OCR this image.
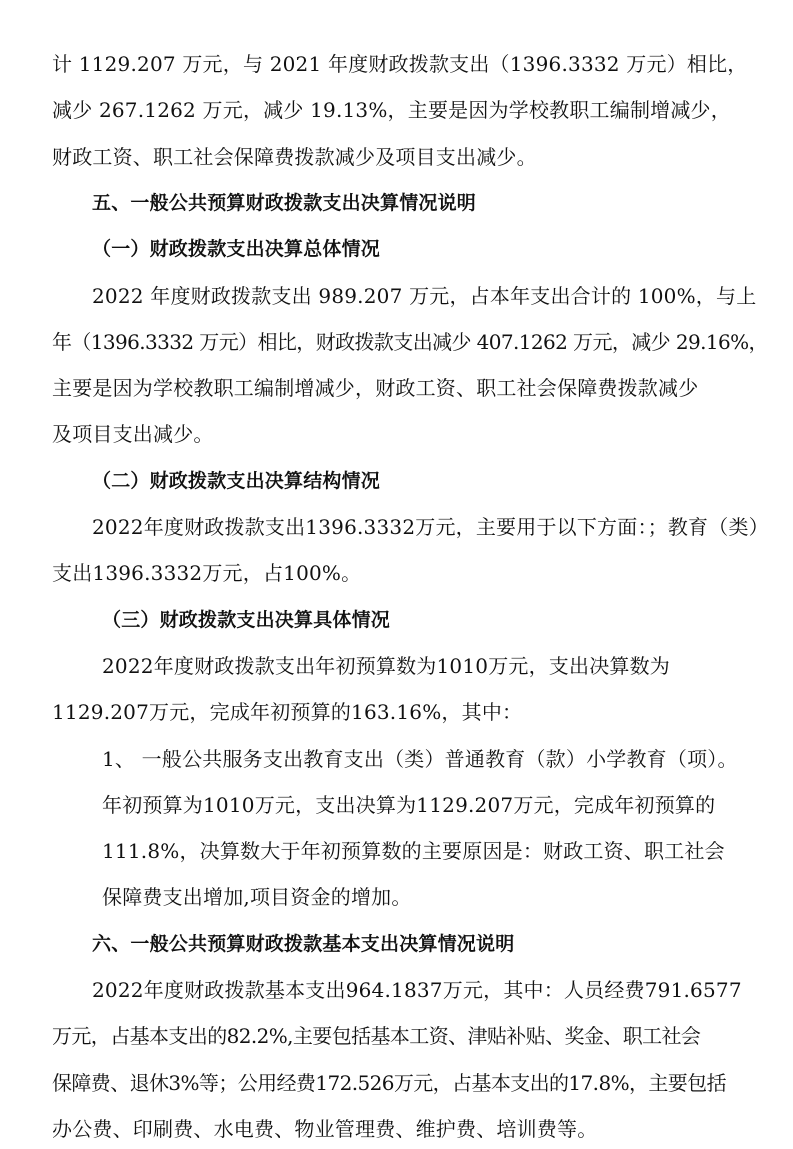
计 1129.207 万元，与 2021 年度财政拨款支出（1396.3332 万元）相比，
减少 267.1262 万元，减少 19.13%，主要是因为学校教职工编制增减少，
财政工资、职工社会保障费拨款减少及项目支出减少。
五、一般公共预算财政拨款支出决算情况说明
（一）财政拨款支出决算总体情况
2022 年度财政拨款支出 989.207 万元，占本年支出合计的 100%，与上
年（1396.3332 万元）相比，财政拨款支出减少 407.1262 万元，减少 29.16%，
主要是因为学校教职工编制增减少，财政工资、职工社会保障费拨款减少
及项目支出减少。
（二）财政拨款支出决算结构情况
2022年度财政拨款支出1396.3332万元，主要用于以下方面：；教育（类）
支出1396.3332万元，占100%。
（三）财政拨款支出决算具体情况
2022年度财政拨款支出年初预算数为1010万元，支出决算数为
1129.207万元，完成年初预算的163.16%，其中：
1、 一般公共服务支出教育支出（类）普通教育（款）小学教育（项）。
年初预算为1010万元，支出决算为1129.207万元，完成年初预算的
111.8%，决算数大于年初预算数的主要原因是：财政工资、职工社会
保障费支出增加,项目资金的增加。
六、一般公共预算财政拨款基本支出决算情况说明
2022年度财政拨款基本支出964.1837万元，其中：人员经费791.6577
万元，占基本支出的82.2%,主要包括基本工资、津贴补贴、奖金、职工社会
保障费、退休3%等；公用经费172.526万元，占基本支出的17.8%，主要包括
办公费、印刷费、水电费、物业管理费、维护费、培训费等。
